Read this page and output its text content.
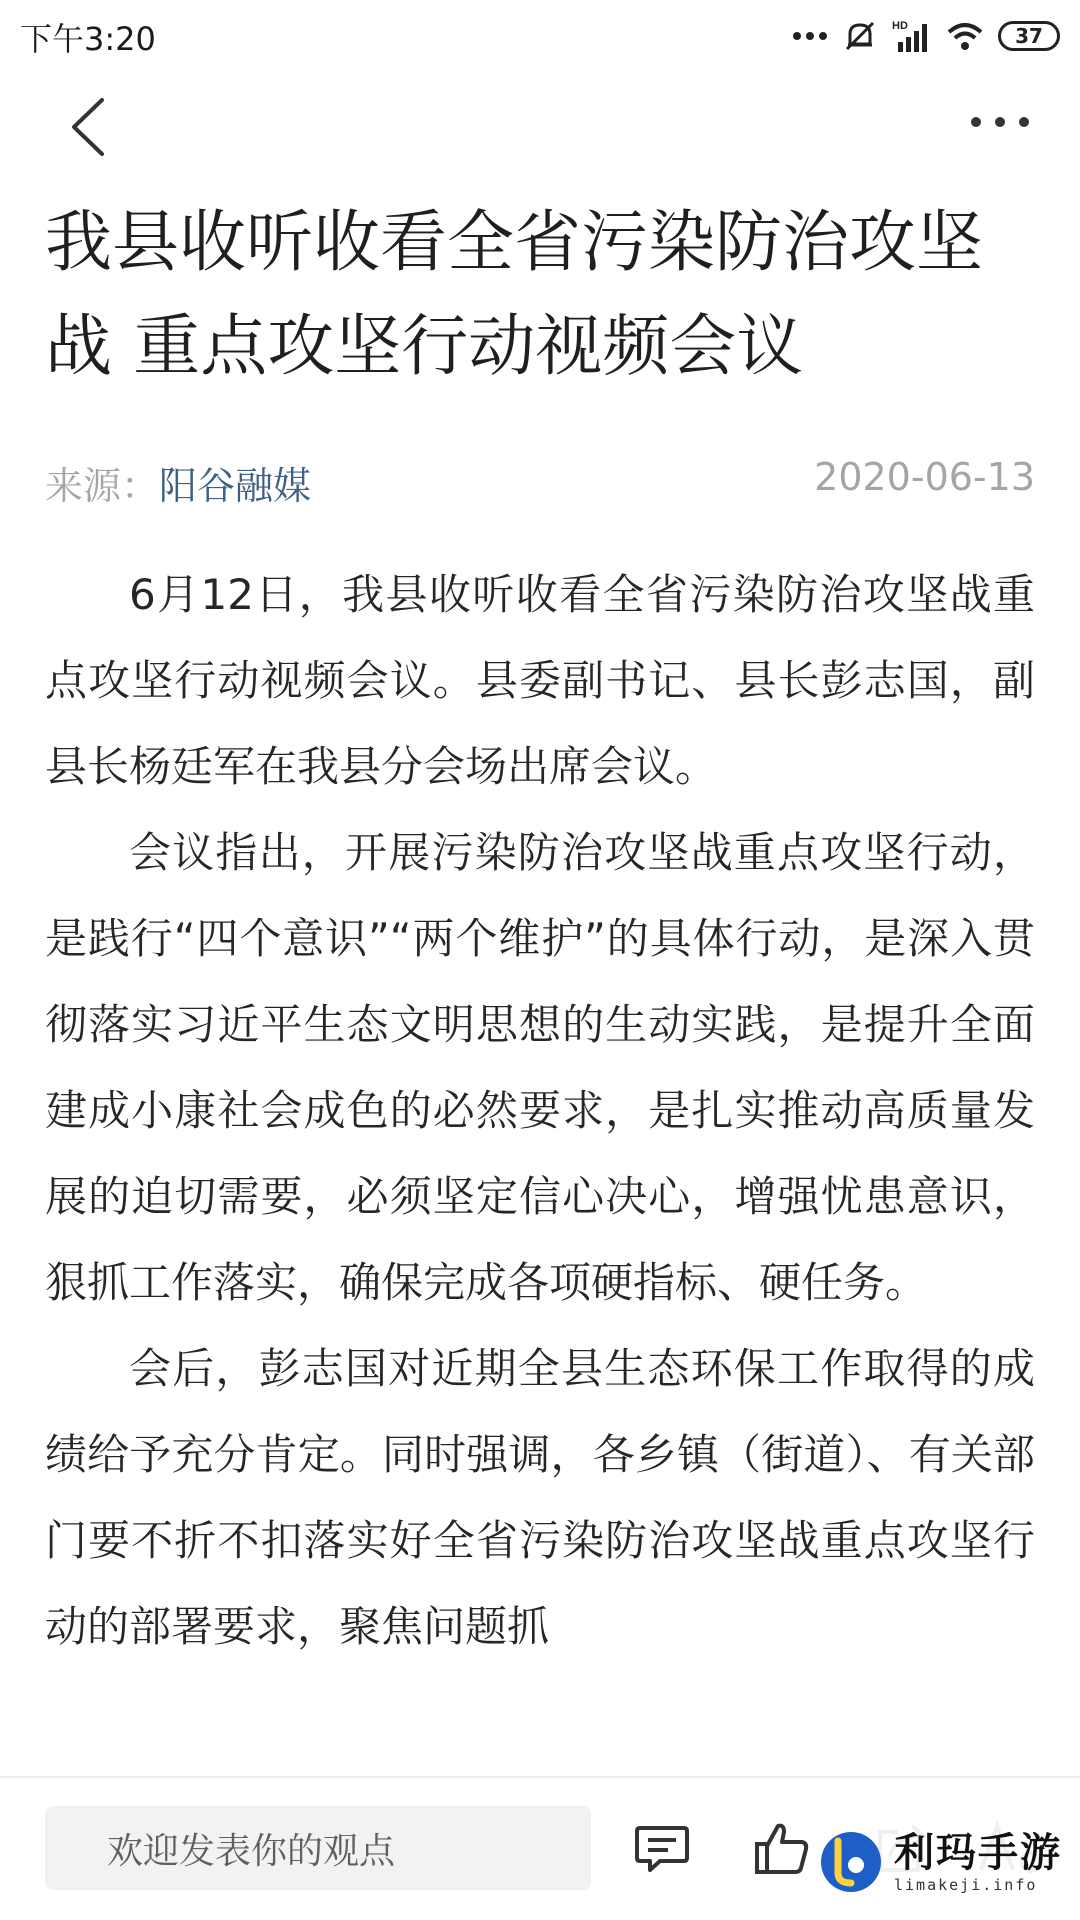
下午3:20	HD	37
我县收听收看全省污染防治攻坚战 重点攻坚行动视频会议
来源：阳谷融媒	2020-06-13

6月12日，我县收听收看全省污染防治攻坚战重点攻坚行动视频会议。县委副书记、县长彭志国，副县长杨廷军在我县分会场出席会议。

会议指出，开展污染防治攻坚战重点攻坚行动，是践行“四个意识”“两个维护”的具体行动，是深入贯彻落实习近平生态文明思想的生动实践，是提升全面建成小康社会成色的必然要求，是扎实推动高质量发展的迫切需要，必须坚定信心决心，增强忧患意识，狠抓工作落实，确保完成各项硬指标、硬任务。

会后，彭志国对近期全县生态环保工作取得的成绩给予充分肯定。同时强调，各乡镇（街道）、有关部门要不折不扣落实好全省污染防治攻坚战重点攻坚行动的部署要求，聚焦问题抓

欢迎发表你的观点	利玛手游
limakeji.info
